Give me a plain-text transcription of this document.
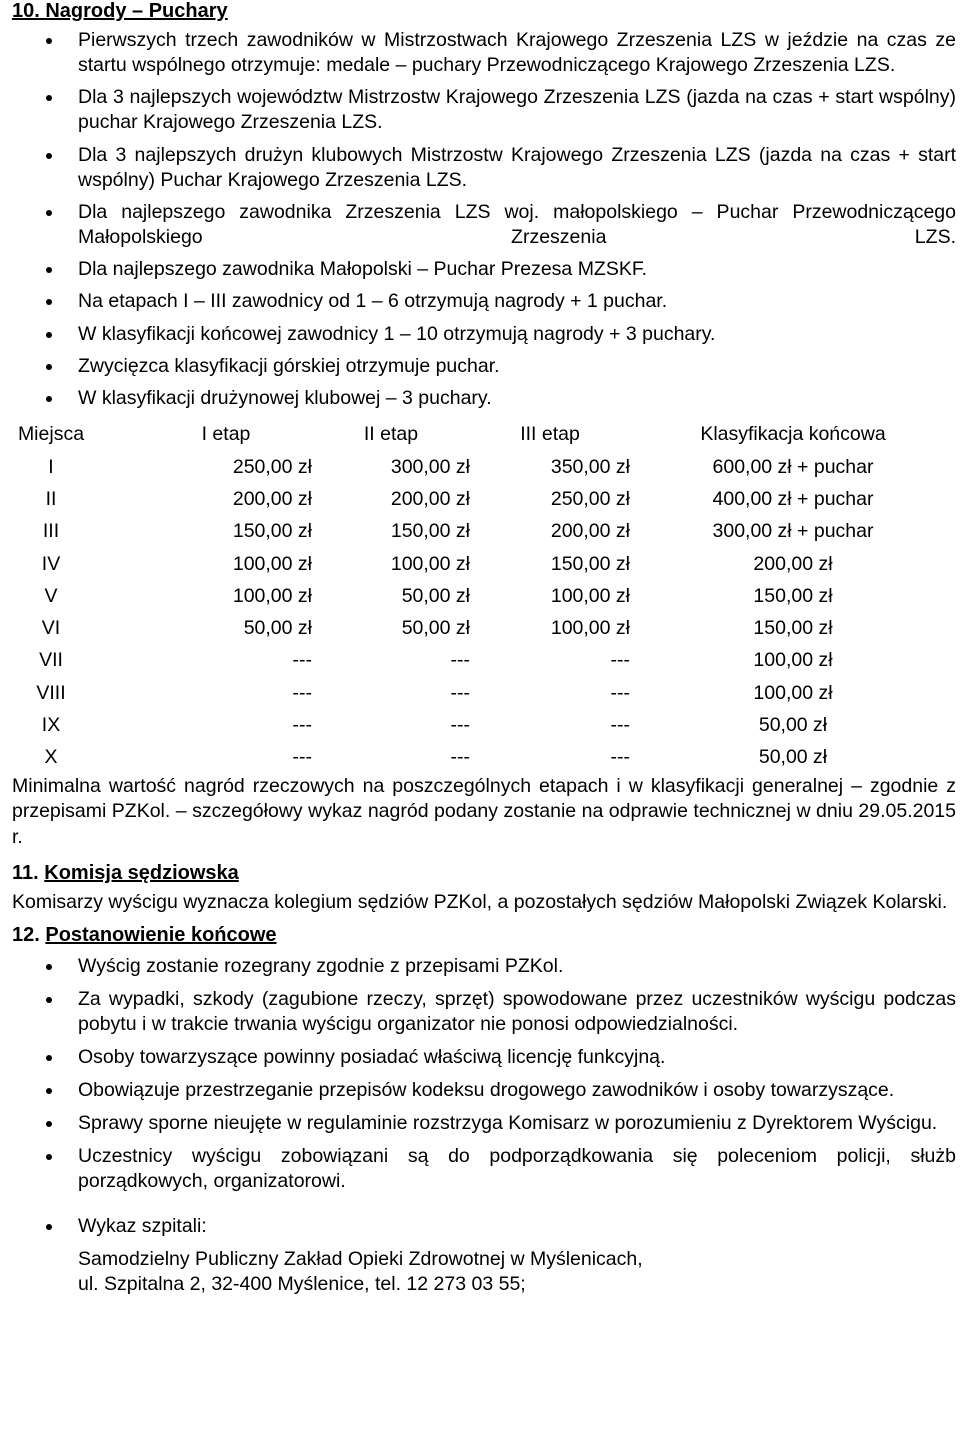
10. Nagrody – Puchary
Pierwszych trzech zawodników w Mistrzostwach Krajowego Zrzeszenia LZS w jeździe na czas ze startu wspólnego otrzymuje: medale – puchary Przewodniczącego Krajowego Zrzeszenia LZS.
Dla 3 najlepszych województw Mistrzostw Krajowego Zrzeszenia LZS (jazda na czas + start wspólny) puchar Krajowego Zrzeszenia LZS.
Dla 3 najlepszych drużyn klubowych Mistrzostw Krajowego Zrzeszenia LZS (jazda na czas + start wspólny) Puchar Krajowego Zrzeszenia LZS.
Dla najlepszego zawodnika Zrzeszenia LZS woj. małopolskiego – Puchar Przewodniczącego Małopolskiego Zrzeszenia LZS.
Dla najlepszego zawodnika Małopolski – Puchar Prezesa MZSKF.
Na etapach I – III zawodnicy od 1 – 6 otrzymują nagrody + 1 puchar.
W klasyfikacji końcowej zawodnicy 1 – 10 otrzymują nagrody + 3 puchary.
Zwycięzca klasyfikacji górskiej otrzymuje puchar.
W klasyfikacji drużynowej klubowej – 3 puchary.
Miejsca	I etap	II etap	III etap	Klasyfikacja końcowa
I	250,00 zł	300,00 zł	350,00 zł	600,00 zł + puchar
II	200,00 zł	200,00 zł	250,00 zł	400,00 zł + puchar
III	150,00 zł	150,00 zł	200,00 zł	300,00 zł + puchar
IV	100,00 zł	100,00 zł	150,00 zł	200,00 zł
V	100,00 zł	50,00 zł	100,00 zł	150,00 zł
VI	50,00 zł	50,00 zł	100,00 zł	150,00 zł
VII	---	---	---	100,00 zł
VIII	---	---	---	100,00 zł
IX	---	---	---	50,00 zł
X	---	---	---	50,00 zł

Minimalna wartość nagród rzeczowych na poszczególnych etapach i w klasyfikacji generalnej – zgodnie z przepisami PZKol. – szczegółowy wykaz nagród podany zostanie na odprawie technicznej w dniu 29.05.2015 r.

11. Komisja sędziowska

Komisarzy wyścigu wyznacza kolegium sędziów PZKol, a pozostałych sędziów Małopolski Związek Kolarski.

12. Postanowienie końcowe
Wyścig zostanie rozegrany zgodnie z przepisami PZKol.
Za wypadki, szkody (zagubione rzeczy, sprzęt) spowodowane przez uczestników wyścigu podczas pobytu i w trakcie trwania wyścigu organizator nie ponosi odpowiedzialności.
Osoby towarzyszące powinny posiadać właściwą licencję funkcyjną.
Obowiązuje przestrzeganie przepisów kodeksu drogowego zawodników i osoby towarzyszące.
Sprawy sporne nieujęte w regulaminie rozstrzyga Komisarz w porozumieniu z Dyrektorem Wyścigu.
Uczestnicy wyścigu zobowiązani są do podporządkowania się poleceniom policji, służb porządkowych, organizatorowi.
Wykaz szpitali:
Samodzielny Publiczny Zakład Opieki Zdrowotnej w Myślenicach,
ul. Szpitalna 2, 32-400 Myślenice, tel. 12 273 03 55;
